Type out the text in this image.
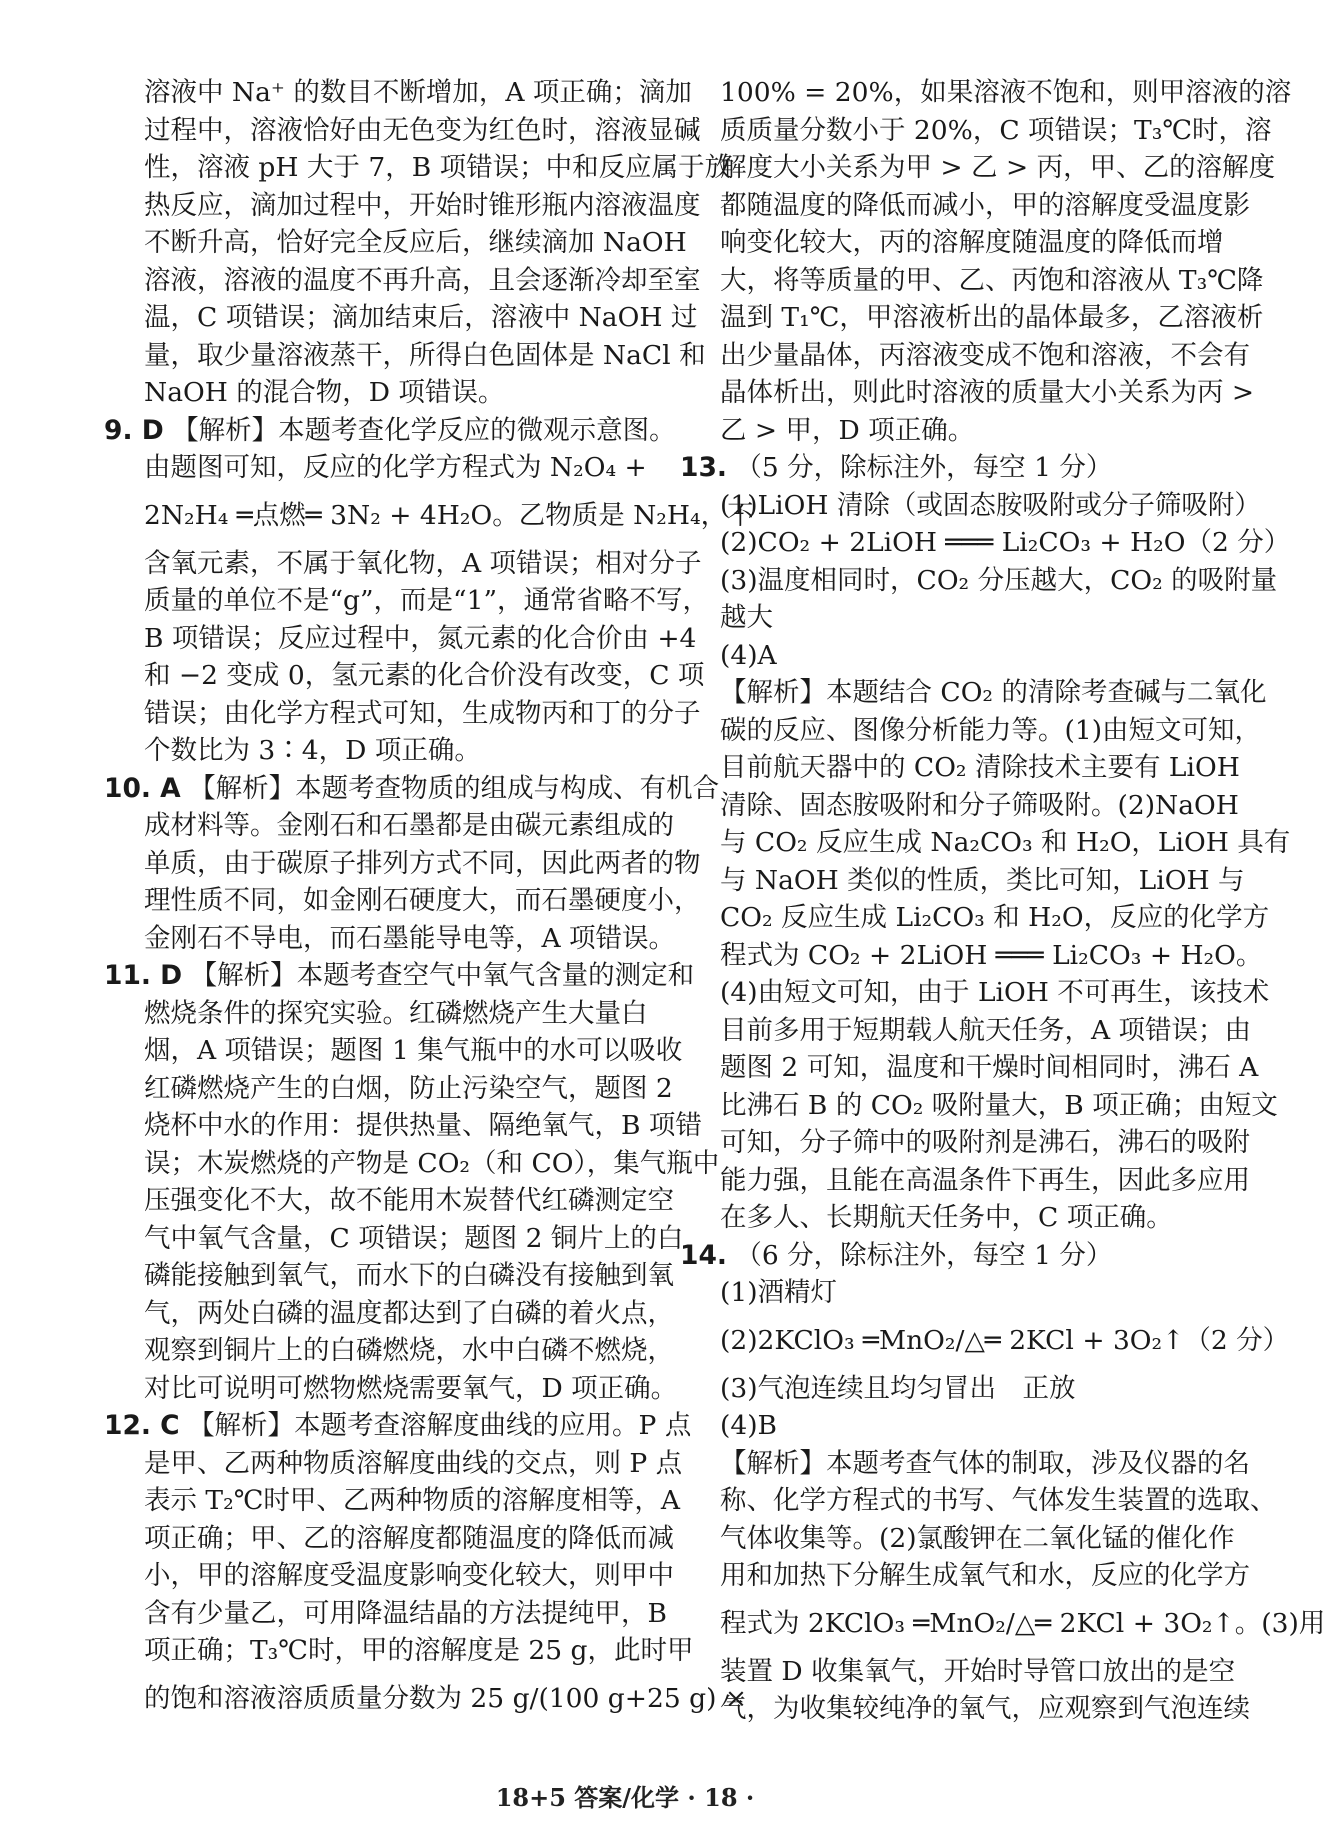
溶液中 Na⁺ 的数目不断增加，A 项正确；滴加
过程中，溶液恰好由无色变为红色时，溶液显碱
性，溶液 pH 大于 7，B 项错误；中和反应属于放
热反应，滴加过程中，开始时锥形瓶内溶液温度
不断升高，恰好完全反应后，继续滴加 NaOH
溶液，溶液的温度不再升高，且会逐渐冷却至室
温，C 项错误；滴加结束后，溶液中 NaOH 过
量，取少量溶液蒸干，所得白色固体是 NaCl 和
NaOH 的混合物，D 项错误。
9. D 【解析】本题考查化学反应的微观示意图。
由题图可知，反应的化学方程式为 N₂O₄ +
2N₂H₄ ═点燃═ 3N₂ + 4H₂O。乙物质是 N₂H₄，不
含氧元素，不属于氧化物，A 项错误；相对分子
质量的单位不是“g”，而是“1”，通常省略不写，
B 项错误；反应过程中，氮元素的化合价由 +4
和 −2 变成 0，氢元素的化合价没有改变，C 项
错误；由化学方程式可知，生成物丙和丁的分子
个数比为 3∶4，D 项正确。
10. A 【解析】本题考查物质的组成与构成、有机合
成材料等。金刚石和石墨都是由碳元素组成的
单质，由于碳原子排列方式不同，因此两者的物
理性质不同，如金刚石硬度大，而石墨硬度小，
金刚石不导电，而石墨能导电等，A 项错误。
11. D 【解析】本题考查空气中氧气含量的测定和
燃烧条件的探究实验。红磷燃烧产生大量白
烟，A 项错误；题图 1 集气瓶中的水可以吸收
红磷燃烧产生的白烟，防止污染空气，题图 2
烧杯中水的作用：提供热量、隔绝氧气，B 项错
误；木炭燃烧的产物是 CO₂（和 CO），集气瓶中
压强变化不大，故不能用木炭替代红磷测定空
气中氧气含量，C 项错误；题图 2 铜片上的白
磷能接触到氧气，而水下的白磷没有接触到氧
气，两处白磷的温度都达到了白磷的着火点，
观察到铜片上的白磷燃烧，水中白磷不燃烧，
对比可说明可燃物燃烧需要氧气，D 项正确。
12. C 【解析】本题考查溶解度曲线的应用。P 点
是甲、乙两种物质溶解度曲线的交点，则 P 点
表示 T₂℃时甲、乙两种物质的溶解度相等，A
项正确；甲、乙的溶解度都随温度的降低而减
小，甲的溶解度受温度影响变化较大，则甲中
含有少量乙，可用降温结晶的方法提纯甲，B
项正确；T₃℃时，甲的溶解度是 25 g，此时甲
的饱和溶液溶质质量分数为 25 g/(100 g+25 g) ×
100% = 20%，如果溶液不饱和，则甲溶液的溶
质质量分数小于 20%，C 项错误；T₃℃时，溶
解度大小关系为甲 > 乙 > 丙，甲、乙的溶解度
都随温度的降低而减小，甲的溶解度受温度影
响变化较大，丙的溶解度随温度的降低而增
大，将等质量的甲、乙、丙饱和溶液从 T₃℃降
温到 T₁℃，甲溶液析出的晶体最多，乙溶液析
出少量晶体，丙溶液变成不饱和溶液，不会有
晶体析出，则此时溶液的质量大小关系为丙 >
乙 > 甲，D 项正确。
13. （5 分，除标注外，每空 1 分）
(1)LiOH 清除（或固态胺吸附或分子筛吸附）
(2)CO₂ + 2LiOH ═══ Li₂CO₃ + H₂O（2 分）
(3)温度相同时，CO₂ 分压越大，CO₂ 的吸附量
越大
(4)A
【解析】本题结合 CO₂ 的清除考查碱与二氧化
碳的反应、图像分析能力等。(1)由短文可知，
目前航天器中的 CO₂ 清除技术主要有 LiOH
清除、固态胺吸附和分子筛吸附。(2)NaOH
与 CO₂ 反应生成 Na₂CO₃ 和 H₂O，LiOH 具有
与 NaOH 类似的性质，类比可知，LiOH 与
CO₂ 反应生成 Li₂CO₃ 和 H₂O，反应的化学方
程式为 CO₂ + 2LiOH ═══ Li₂CO₃ + H₂O。
(4)由短文可知，由于 LiOH 不可再生，该技术
目前多用于短期载人航天任务，A 项错误；由
题图 2 可知，温度和干燥时间相同时，沸石 A
比沸石 B 的 CO₂ 吸附量大，B 项正确；由短文
可知，分子筛中的吸附剂是沸石，沸石的吸附
能力强，且能在高温条件下再生，因此多应用
在多人、长期航天任务中，C 项正确。
14. （6 分，除标注外，每空 1 分）
(1)酒精灯
(2)2KClO₃ ═MnO₂/△═ 2KCl + 3O₂↑（2 分）
(3)气泡连续且均匀冒出　正放
(4)B
【解析】本题考查气体的制取，涉及仪器的名
称、化学方程式的书写、气体发生装置的选取、
气体收集等。(2)氯酸钾在二氧化锰的催化作
用和加热下分解生成氧气和水，反应的化学方
程式为 2KClO₃ ═MnO₂/△═ 2KCl + 3O₂↑。(3)用
装置 D 收集氧气，开始时导管口放出的是空
气，为收集较纯净的氧气，应观察到气泡连续
18+5 答案/化学 · 18 ·
